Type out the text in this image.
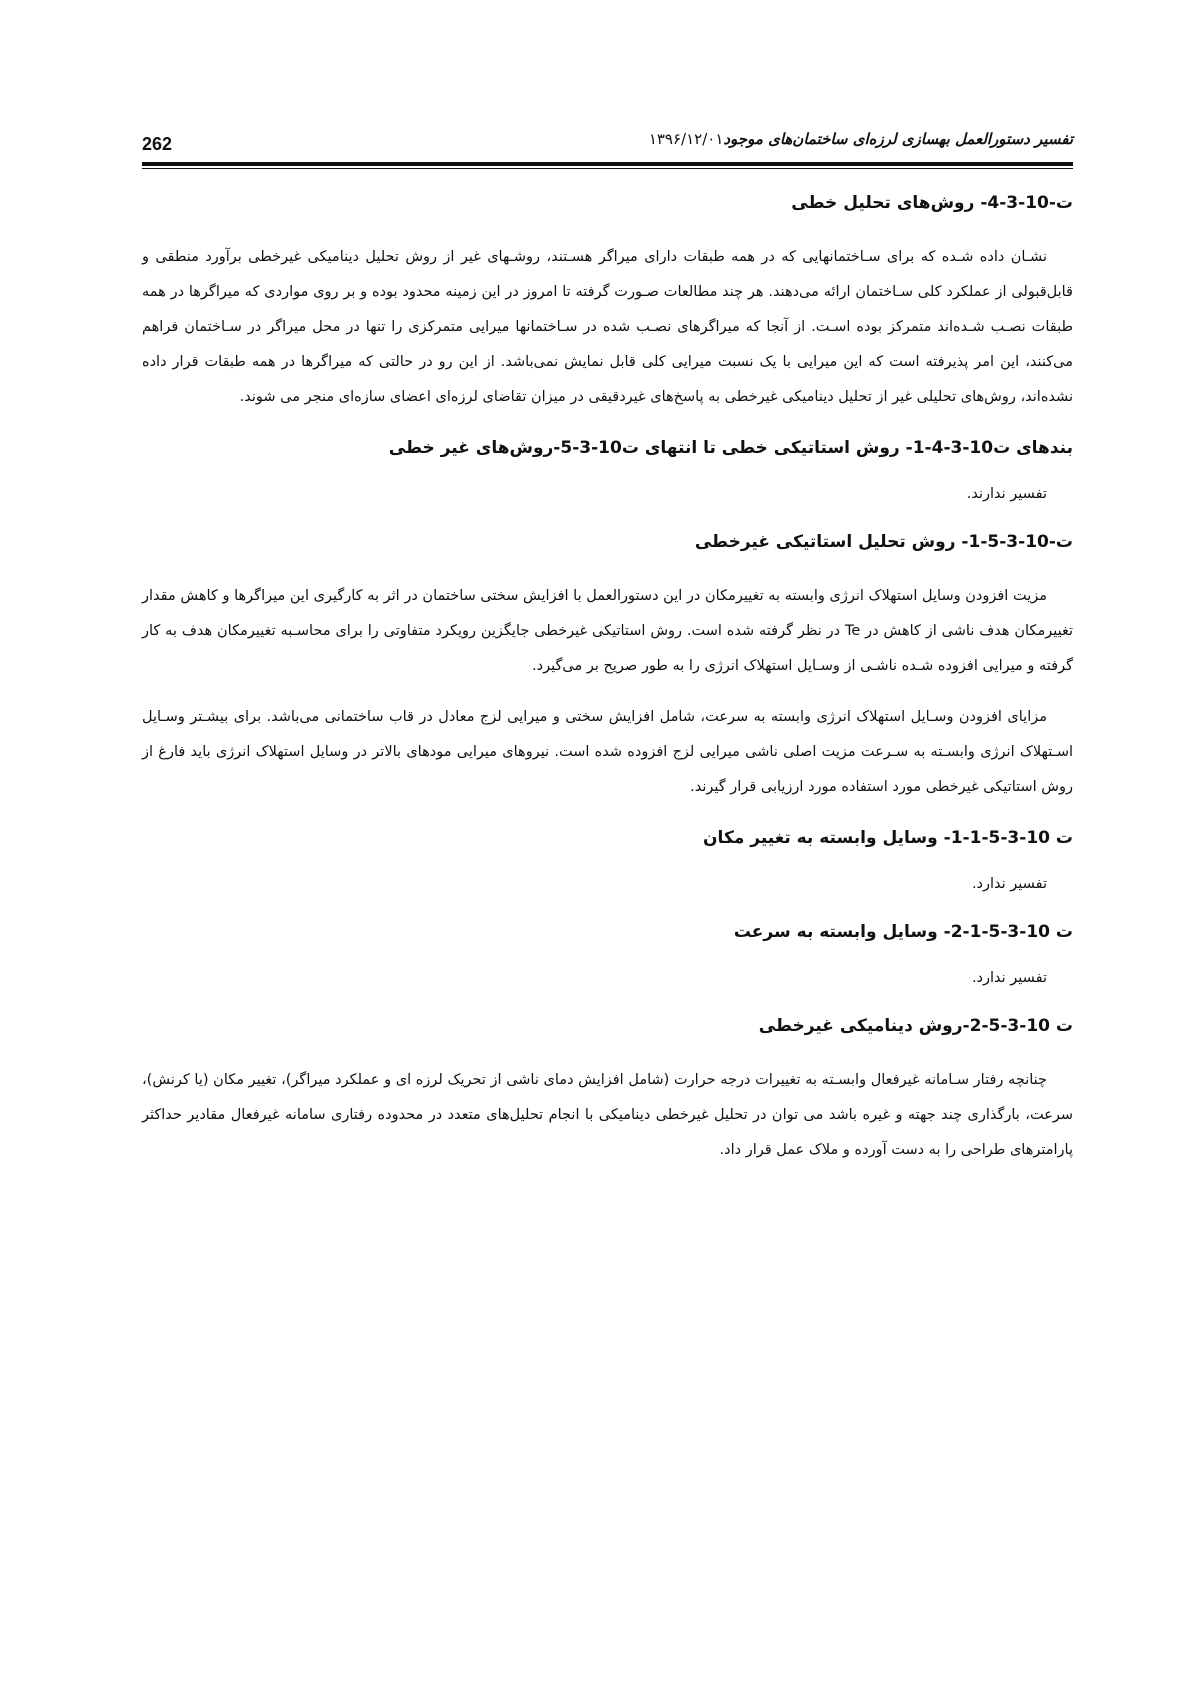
262	تفسیر دستورالعمل بهسازی لرزه‌ای ساختمان‌های موجود۱۳۹۶/۱۲/۰۱
ت-10-3-4- روش‌های تحلیل خطی

نشـان داده شـده که برای سـاختمانهایی که در همه طبقات دارای میراگر هسـتند، روشـهای غیر از روش تحلیل دینامیکی غیرخطی برآورد منطقی و قابل‌قبولی از عملکرد کلی سـاختمان ارائه می‌دهند. هر چند مطالعات صـورت گرفته تا امروز در این زمینه محدود بوده و بر روی مواردی که میراگرها در همه طبقات نصـب شـده‌اند متمرکز بوده اسـت. از آنجا که میراگرهای نصـب شده در سـاختمانها میرایی متمرکزی را تنها در محل میراگر در سـاختمان فراهم می‌کنند، این امر پذیرفته است که این میرایی با یک نسبت میرایی کلی قابل نمایش نمی‌باشد. از این رو در حالتی که میراگرها در همه طبقات قرار داده نشده‌اند، روش‌های تحلیلی غیر از تحلیل دینامیکی غیرخطی به پاسخ‌های غیردقیقی در میزان تقاضای لرزه‌ای اعضای سازه‌ای منجر می شوند.

بندهای ت10-3-4-1- روش استاتیکی خطی تا انتهای ت10-3-5-روش‌های غیر خطی

تفسیر ندارند.

ت-10-3-5-1- روش تحلیل استاتیکی غیرخطی

مزیت افزودن وسایل استهلاک انرژی وابسته به تغییرمکان در این دستورالعمل با افزایش سختی ساختمان در اثر به کارگیری این میراگرها و کاهش مقدار تغییرمکان هدف ناشی از کاهش در Te در نظر گرفته شده است. روش استاتیکی غیرخطی جایگزین رویکرد متفاوتی را برای محاسـبه تغییرمکان هدف به کار گرفته و میرایی افزوده شـده ناشـی از وسـایل استهلاک انرژی را به طور صریح بر می‌گیرد.

مزایای افزودن وسـایل استهلاک انرژی وابسته به سرعت، شامل افزایش سختی و میرایی لزج معادل در قاب ساختمانی می‌باشد. برای بیشـتر وسـایل اسـتهلاک انرژی وابسـته به سـرعت مزیت اصلی ناشی میرایی لزج افزوده شده است. نیروهای میرایی مودهای بالاتر در وسایل استهلاک انرژی باید فارغ از روش استاتیکی غیرخطی مورد استفاده مورد ارزیابی قرار گیرند.

ت 10-3-5-1-1- وسایل وابسته به تغییر مکان

تفسیر ندارد.

ت 10-3-5-1-2- وسایل وابسته به سرعت

تفسیر ندارد.

ت 10-3-5-2-روش دینامیکی غیرخطی

چنانچه رفتار سـامانه غیرفعال وابسـته به تغییرات درجه حرارت (شامل افزایش دمای ناشی از تحریک لرزه ای و عملکرد میراگر)، تغییر مکان (یا کرنش)، سرعت، بارگذاری چند جهته و غیره باشد می توان در تحلیل غیرخطی دینامیکی با انجام تحلیل‌های متعدد در محدوده رفتاری سامانه غیرفعال مقادیر حداکثر پارامترهای طراحی را به دست آورده و ملاک عمل قرار داد.
